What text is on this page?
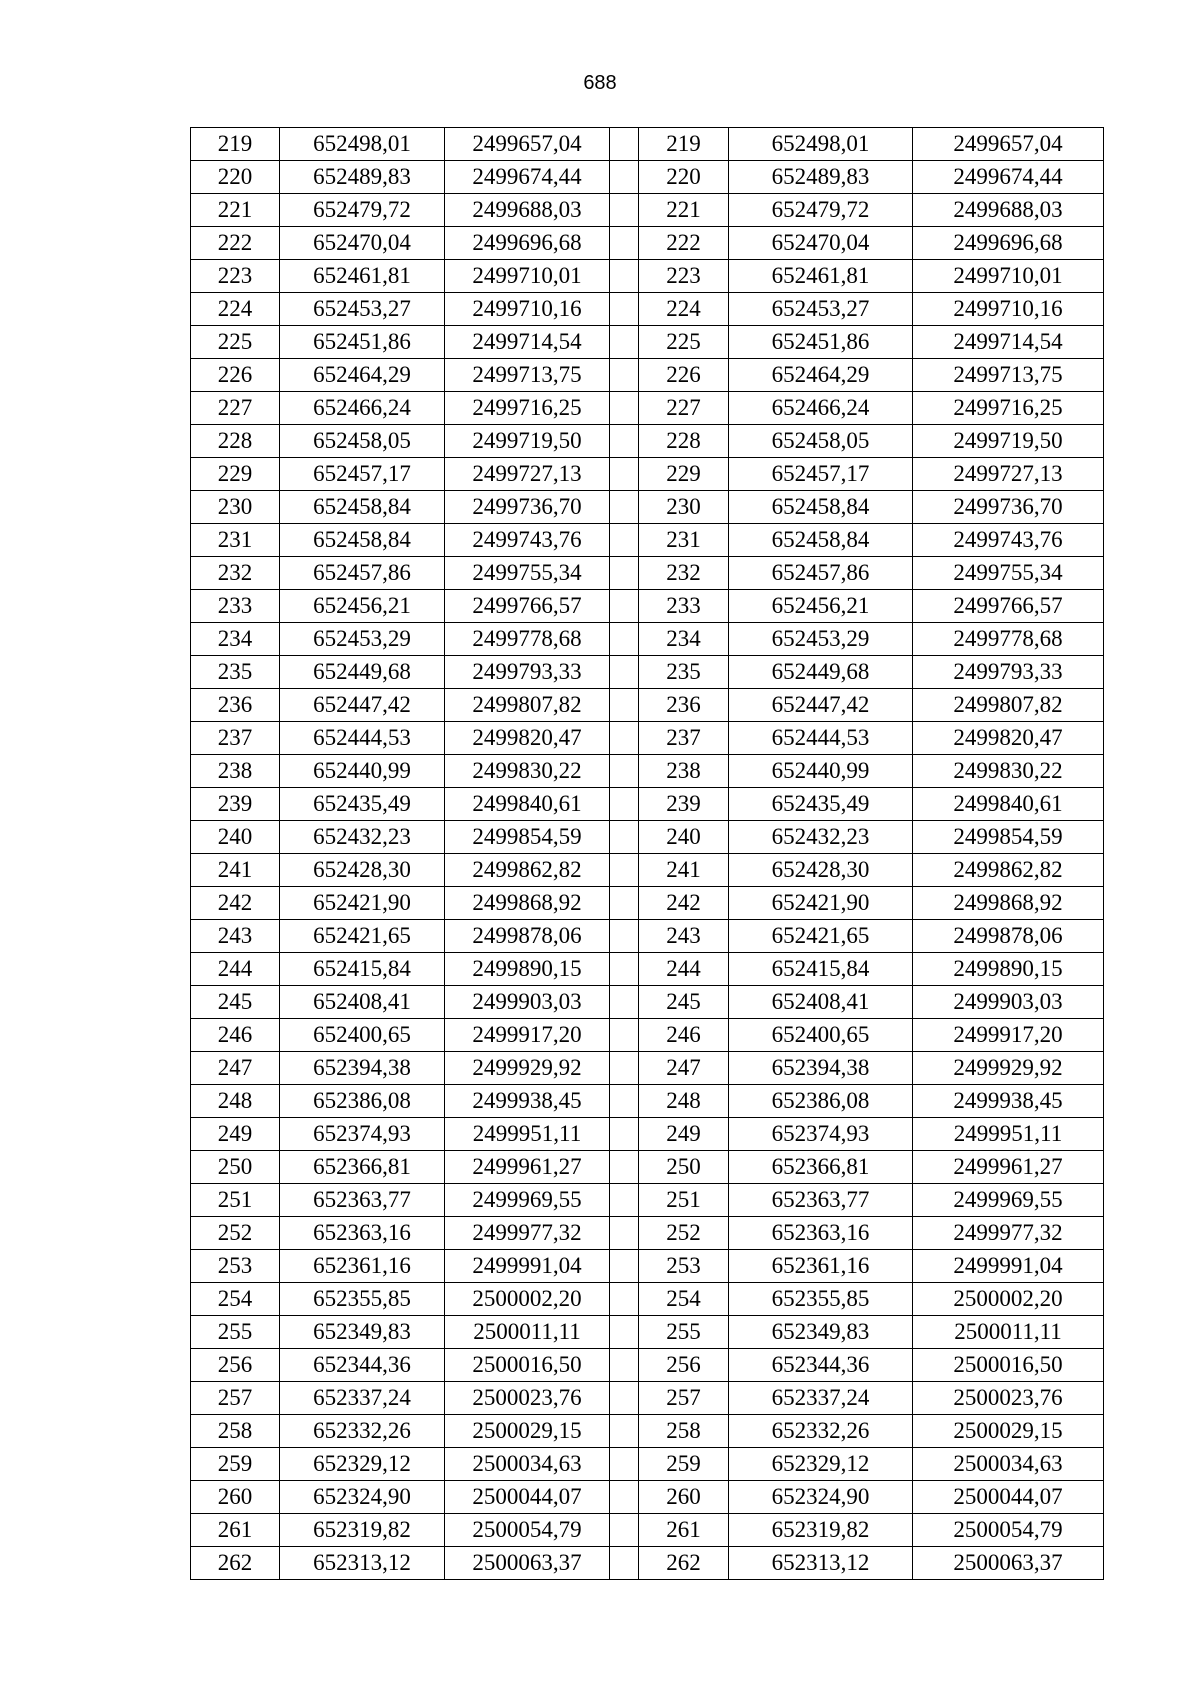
688
219	652498,01	2499657,04		219	652498,01	2499657,04
220	652489,83	2499674,44		220	652489,83	2499674,44
221	652479,72	2499688,03		221	652479,72	2499688,03
222	652470,04	2499696,68		222	652470,04	2499696,68
223	652461,81	2499710,01		223	652461,81	2499710,01
224	652453,27	2499710,16		224	652453,27	2499710,16
225	652451,86	2499714,54		225	652451,86	2499714,54
226	652464,29	2499713,75		226	652464,29	2499713,75
227	652466,24	2499716,25		227	652466,24	2499716,25
228	652458,05	2499719,50		228	652458,05	2499719,50
229	652457,17	2499727,13		229	652457,17	2499727,13
230	652458,84	2499736,70		230	652458,84	2499736,70
231	652458,84	2499743,76		231	652458,84	2499743,76
232	652457,86	2499755,34		232	652457,86	2499755,34
233	652456,21	2499766,57		233	652456,21	2499766,57
234	652453,29	2499778,68		234	652453,29	2499778,68
235	652449,68	2499793,33		235	652449,68	2499793,33
236	652447,42	2499807,82		236	652447,42	2499807,82
237	652444,53	2499820,47		237	652444,53	2499820,47
238	652440,99	2499830,22		238	652440,99	2499830,22
239	652435,49	2499840,61		239	652435,49	2499840,61
240	652432,23	2499854,59		240	652432,23	2499854,59
241	652428,30	2499862,82		241	652428,30	2499862,82
242	652421,90	2499868,92		242	652421,90	2499868,92
243	652421,65	2499878,06		243	652421,65	2499878,06
244	652415,84	2499890,15		244	652415,84	2499890,15
245	652408,41	2499903,03		245	652408,41	2499903,03
246	652400,65	2499917,20		246	652400,65	2499917,20
247	652394,38	2499929,92		247	652394,38	2499929,92
248	652386,08	2499938,45		248	652386,08	2499938,45
249	652374,93	2499951,11		249	652374,93	2499951,11
250	652366,81	2499961,27		250	652366,81	2499961,27
251	652363,77	2499969,55		251	652363,77	2499969,55
252	652363,16	2499977,32		252	652363,16	2499977,32
253	652361,16	2499991,04		253	652361,16	2499991,04
254	652355,85	2500002,20		254	652355,85	2500002,20
255	652349,83	2500011,11		255	652349,83	2500011,11
256	652344,36	2500016,50		256	652344,36	2500016,50
257	652337,24	2500023,76		257	652337,24	2500023,76
258	652332,26	2500029,15		258	652332,26	2500029,15
259	652329,12	2500034,63		259	652329,12	2500034,63
260	652324,90	2500044,07		260	652324,90	2500044,07
261	652319,82	2500054,79		261	652319,82	2500054,79
262	652313,12	2500063,37		262	652313,12	2500063,37
